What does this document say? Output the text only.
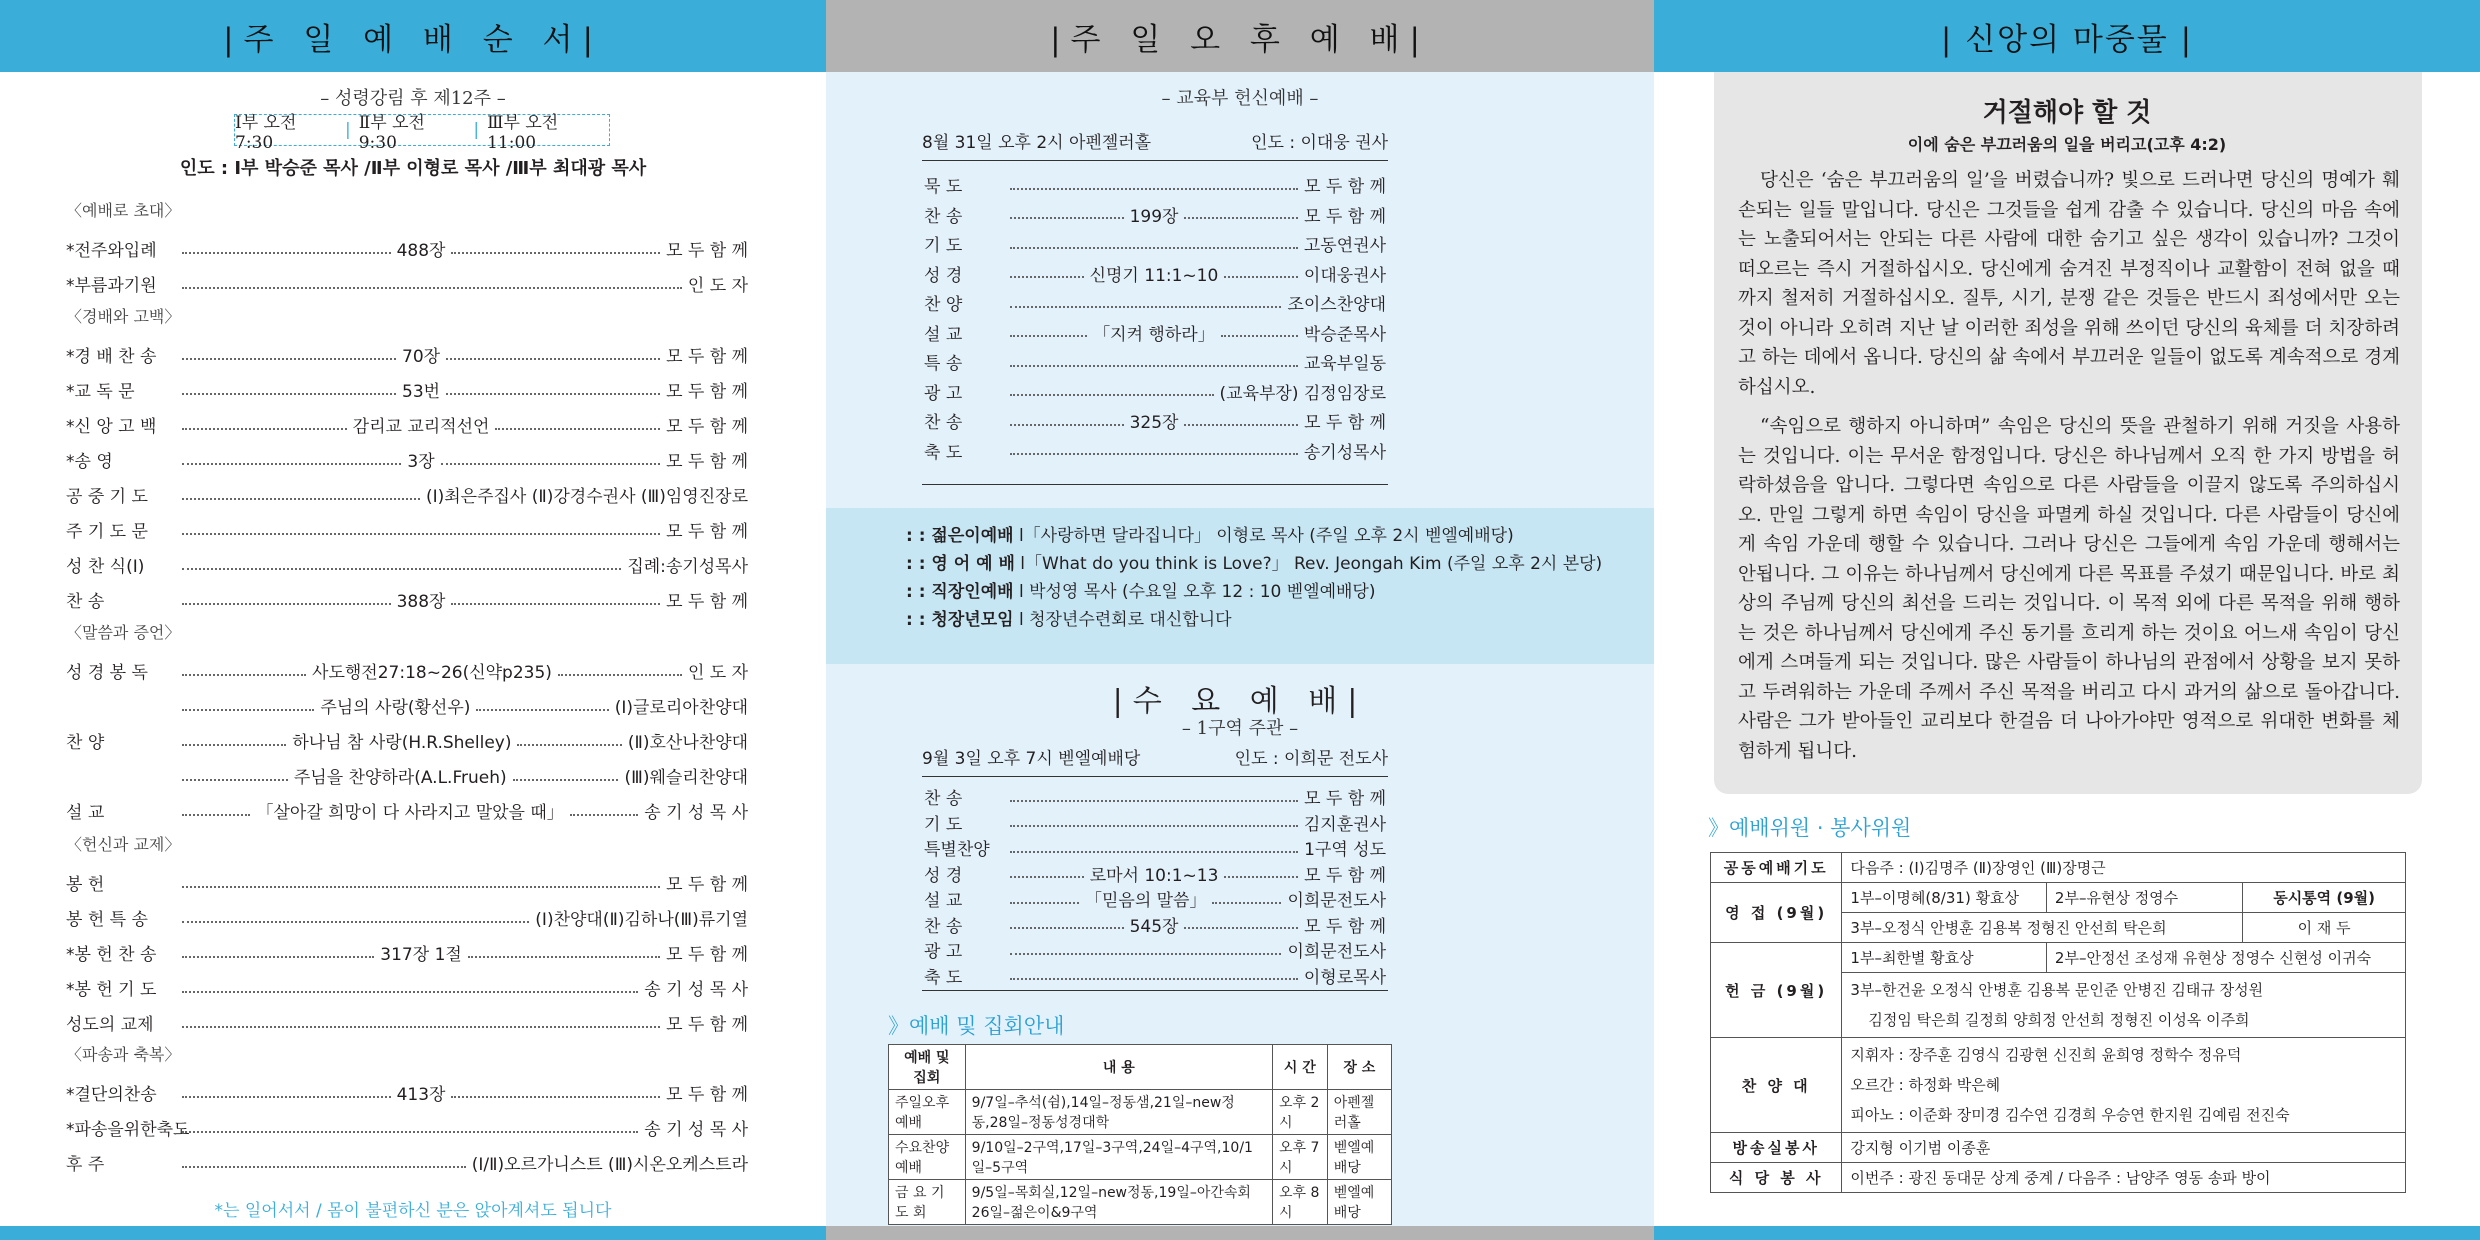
|주 일 예 배 순 서|
– 성령강림 후 제12주 –
Ⅰ부 오전 7:30
| Ⅱ부 오전 9:30
| Ⅲ부 오전 11:00
인도 : Ⅰ부 박승준 목사 /Ⅱ부 이형로 목사 /Ⅲ부 최대광 목사
〈예배로 초대〉
〈경배와 고백〉
〈말씀과 증언〉
〈헌신과 교제〉
〈파송과 축복〉
*전주와입례	488장	모 두 함 께
*부름과기원	인 도 자
*경 배 찬 송	70장	모 두 함 께
*교 독 문	53번	모 두 함 께
*신 앙 고 백	감리교 교리적선언	모 두 함 께
*송 영	3장	모 두 함 께
공 중 기 도	(Ⅰ)최은주집사 (Ⅱ)강경수권사 (Ⅲ)임영진장로
주 기 도 문	모 두 함 께
성 찬 식(Ⅰ)	집례:송기성목사
찬 송	388장	모 두 함 께
성 경 봉 독	사도행전27:18~26(신약p235)	인 도 자
주님의 사랑(황선우)	(Ⅰ)글로리아찬양대
찬 양	하나님 참 사랑(H.R.Shelley)	(Ⅱ)호산나찬양대
주님을 찬양하라(A.L.Frueh)	(Ⅲ)웨슬리찬양대
설 교	「살아갈 희망이 다 사라지고 말았을 때」	송 기 성 목 사
봉 헌	모 두 함 께
봉 헌 특 송	(Ⅰ)찬양대(Ⅱ)김하나(Ⅲ)류기열
*봉 헌 찬 송	317장 1절	모 두 함 께
*봉 헌 기 도	송 기 성 목 사
성도의 교제	모 두 함 께
*결단의찬송	413장	모 두 함 께
*파송을위한축도	송 기 성 목 사
후 주	(Ⅰ/Ⅱ)오르가니스트 (Ⅲ)시온오케스트라
*는 일어서서 / 몸이 불편하신 분은 앉아계셔도 됩니다
|주 일 오 후 예 배|
– 교육부 헌신예배 –
8월 31일 오후 2시 아펜젤러홀	인도 : 이대웅 권사
묵 도	모 두 함 께
찬 송	199장	모 두 함 께
기 도	고동연권사
성 경	신명기 11:1~10	이대웅권사
찬 양	조이스찬양대
설 교	「지켜 행하라」	박승준목사
특 송	교육부일동
광 고	(교육부장) 김정임장로
찬 송	325장	모 두 함 께
축 도	송기성목사
: : 젊은이예배 l「사랑하면 달라집니다」 이형로 목사 (주일 오후 2시 벧엘예배당)
: : 영 어 예 배 l「What do you think is Love?」 Rev. Jeongah Kim (주일 오후 2시 본당)
: : 직장인예배 l 박성영 목사 (수요일 오후 12 : 10 벧엘예배당)
: : 청장년모임 l 청장년수련회로 대신합니다
|수 요 예 배|
– 1구역 주관 –
9월 3일 오후 7시 벧엘예배당	인도 : 이희문 전도사
찬 송	모 두 함 께
기 도	김지훈권사
특별찬양	1구역 성도
성 경	로마서 10:1~13	모 두 함 께
설 교	「믿음의 말씀」	이희문전도사
찬 송	545장	모 두 함 께
광 고	이희문전도사
축 도	이형로목사
》예배 및 집회안내
예배 및 집회	내 용	시 간	장 소
주일오후예배	9/7일–추석(쉼),14일–정동샘,21일–new정동,28일–정동성경대학	오후 2시	아펜젤러홀
수요찬양예배	9/10일–2구역,17일–3구역,24일–4구역,10/1일–5구역	오후 7시	벧엘예배당
금 요 기 도 회	9/5일–목회실,12일–new정동,19일–아간속회
26일–젊은이&9구역	오후 8시	벧엘예배당
| 신앙의 마중물 |
거절해야 할 것
이에 숨은 부끄러움의 일을 버리고(고후 4:2)
당신은 ‘숨은 부끄러움의 일’을 버렸습니까? 빛으로 드러나면 당신의 명예가 훼손되는 일들 말입니다. 당신은 그것들을 쉽게 감출 수 있습니다. 당신의 마음 속에는 노출되어서는 안되는 다른 사람에 대한 숨기고 싶은 생각이 있습니까? 그것이 떠오르는 즉시 거절하십시오. 당신에게 숨겨진 부정직이나 교활함이 전혀 없을 때까지 철저히 거절하십시오. 질투, 시기, 분쟁 같은 것들은 반드시 죄성에서만 오는 것이 아니라 오히려 지난 날 이러한 죄성을 위해 쓰이던 당신의 육체를 더 치장하려고 하는 데에서 옵니다. 당신의 삶 속에서 부끄러운 일들이 없도록 계속적으로 경계하십시오.
“속임으로 행하지 아니하며” 속임은 당신의 뜻을 관철하기 위해 거짓을 사용하는 것입니다. 이는 무서운 함정입니다. 당신은 하나님께서 오직 한 가지 방법을 허락하셨음을 압니다. 그렇다면 속임으로 다른 사람들을 이끌지 않도록 주의하십시오. 만일 그렇게 하면 속임이 당신을 파멸케 하실 것입니다. 다른 사람들이 당신에게 속임 가운데 행할 수 있습니다. 그러나 당신은 그들에게 속임 가운데 행해서는 안됩니다. 그 이유는 하나님께서 당신에게 다른 목표를 주셨기 때문입니다. 바로 최상의 주님께 당신의 최선을 드리는 것입니다. 이 목적 외에 다른 목적을 위해 행하는 것은 하나님께서 당신에게 주신 동기를 흐리게 하는 것이요 어느새 속임이 당신에게 스며들게 되는 것입니다. 많은 사람들이 하나님의 관점에서 상황을 보지 못하고 두려워하는 가운데 주께서 주신 목적을 버리고 다시 과거의 삶으로 돌아갑니다. 사람은 그가 받아들인 교리보다 한걸음 더 나아가야만 영적으로 위대한 변화를 체험하게 됩니다.
》예배위원 · 봉사위원
공동예배기도	다음주 : (Ⅰ)김명주 (Ⅱ)장영인 (Ⅲ)장명근		
영 접 (9월)	1부–이명혜(8/31) 황효상	2부–유현상 정영수	동시통역 (9월)
	3부–오정식 안병훈 김용복 정형진 안선희 탁은희		이 재 두
헌 금 (9월)	1부–최한별 황효상	2부–안정선 조성재 유현상 정영수 신현성 이귀숙	

	3부–한건윤 오정식 안병훈 김용복 문인준 안병진 김태규 장성원
김정임 탁은희 길정희 양희정 안선희 정형진 이성옥 이주희		

찬 양 대	지휘자 : 장주훈 김영식 김광현 신진희 윤희영 정학수 정유덕
오르간 : 하정화 박은혜
피아노 : 이준화 장미경 김수연 김경희 우승연 한지원 김예림 전진숙		

방송실봉사	강지형 이기범 이종훈		
식 당 봉 사	이번주 : 광진 동대문 상계 중계 / 다음주 : 남양주 영동 송파 방이		
